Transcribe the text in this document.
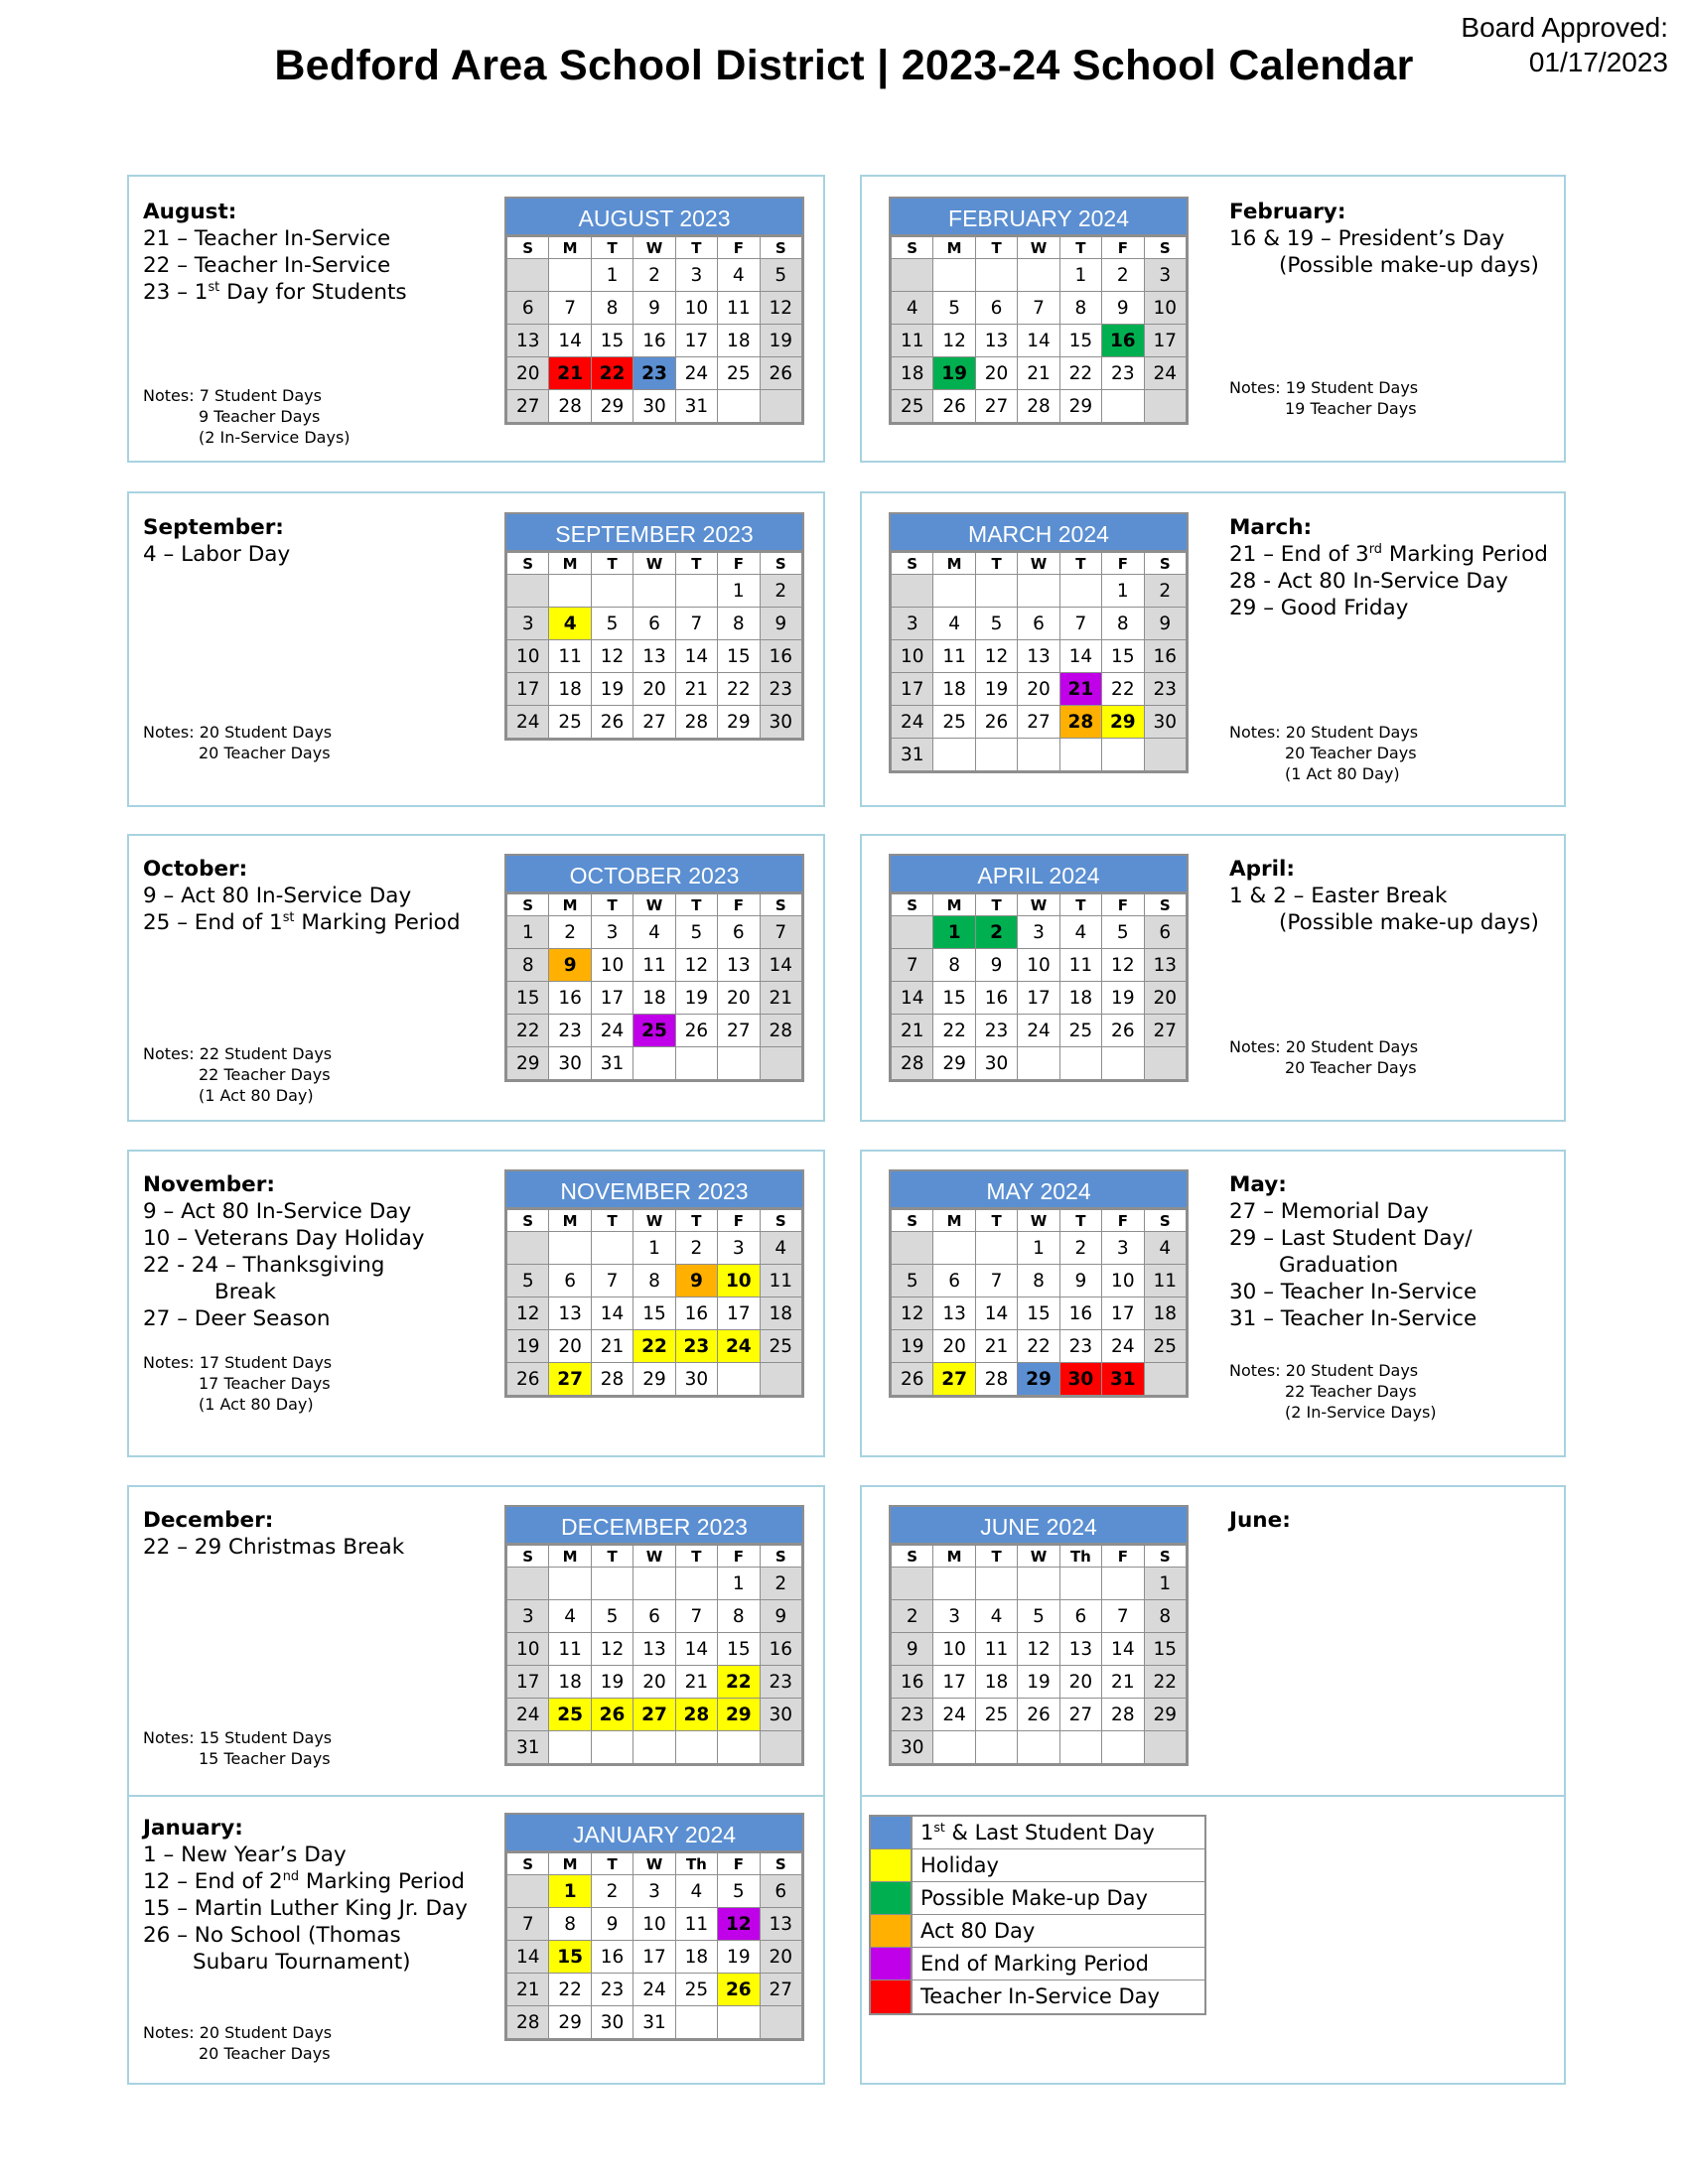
Bedford Area School District | 2023-24 School Calendar
Board Approved:
01/17/2023
August:
21 – Teacher In-Service
22 – Teacher In-Service
23 – 1st Day for Students
Notes: 7 Student Days
9 Teacher Days
(2 In-Service Days)
AUGUST 2023
S	M	T	W	T	F	S
		1	2	3	4	5
6	7	8	9	10	11	12
13	14	15	16	17	18	19
20	21	22	23	24	25	26
27	28	29	30	31		
February:
16 & 19 – President’s Day
(Possible make-up days)
Notes: 19 Student Days
19 Teacher Days
FEBRUARY 2024
S	M	T	W	T	F	S
				1	2	3
4	5	6	7	8	9	10
11	12	13	14	15	16	17
18	19	20	21	22	23	24
25	26	27	28	29		
September:
4 – Labor Day
Notes: 20 Student Days
20 Teacher Days
SEPTEMBER 2023
S	M	T	W	T	F	S
					1	2
3	4	5	6	7	8	9
10	11	12	13	14	15	16
17	18	19	20	21	22	23
24	25	26	27	28	29	30
March:
21 – End of 3rd Marking Period
28 - Act 80 In-Service Day
29 – Good Friday
Notes: 20 Student Days
20 Teacher Days
(1 Act 80 Day)
MARCH 2024
S	M	T	W	T	F	S
					1	2
3	4	5	6	7	8	9
10	11	12	13	14	15	16
17	18	19	20	21	22	23
24	25	26	27	28	29	30
31						
October:
9 – Act 80 In-Service Day
25 – End of 1st Marking Period
Notes: 22 Student Days
22 Teacher Days
(1 Act 80 Day)
OCTOBER 2023
S	M	T	W	T	F	S
1	2	3	4	5	6	7
8	9	10	11	12	13	14
15	16	17	18	19	20	21
22	23	24	25	26	27	28
29	30	31				
April:
1 & 2 – Easter Break
(Possible make-up days)
Notes: 20 Student Days
20 Teacher Days
APRIL 2024
S	M	T	W	T	F	S
	1	2	3	4	5	6
7	8	9	10	11	12	13
14	15	16	17	18	19	20
21	22	23	24	25	26	27
28	29	30				
November:
9 – Act 80 In-Service Day
10 – Veterans Day Holiday
22 - 24 – Thanksgiving
Break
27 – Deer Season
Notes: 17 Student Days
17 Teacher Days
(1 Act 80 Day)
NOVEMBER 2023
S	M	T	W	T	F	S
			1	2	3	4
5	6	7	8	9	10	11
12	13	14	15	16	17	18
19	20	21	22	23	24	25
26	27	28	29	30		
May:
27 – Memorial Day
29 – Last Student Day/
Graduation
30 – Teacher In-Service
31 – Teacher In-Service
Notes: 20 Student Days
22 Teacher Days
(2 In-Service Days)
MAY 2024
S	M	T	W	T	F	S
			1	2	3	4
5	6	7	8	9	10	11
12	13	14	15	16	17	18
19	20	21	22	23	24	25
26	27	28	29	30	31	
December:
22 – 29 Christmas Break
Notes: 15 Student Days
15 Teacher Days
DECEMBER 2023
S	M	T	W	T	F	S
					1	2
3	4	5	6	7	8	9
10	11	12	13	14	15	16
17	18	19	20	21	22	23
24	25	26	27	28	29	30
31						
June:
JUNE 2024
S	M	T	W	Th	F	S
						1
2	3	4	5	6	7	8
9	10	11	12	13	14	15
16	17	18	19	20	21	22
23	24	25	26	27	28	29
30						
January:
1 – New Year’s Day
12 – End of 2nd Marking Period
15 – Martin Luther King Jr. Day
26 – No School (Thomas
Subaru Tournament)
Notes: 20 Student Days
20 Teacher Days
JANUARY 2024
S	M	T	W	Th	F	S
	1	2	3	4	5	6
7	8	9	10	11	12	13
14	15	16	17	18	19	20
21	22	23	24	25	26	27
28	29	30	31			
1st & Last Student Day
Holiday
Possible Make-up Day
Act 80 Day
End of Marking Period
Teacher In-Service Day
